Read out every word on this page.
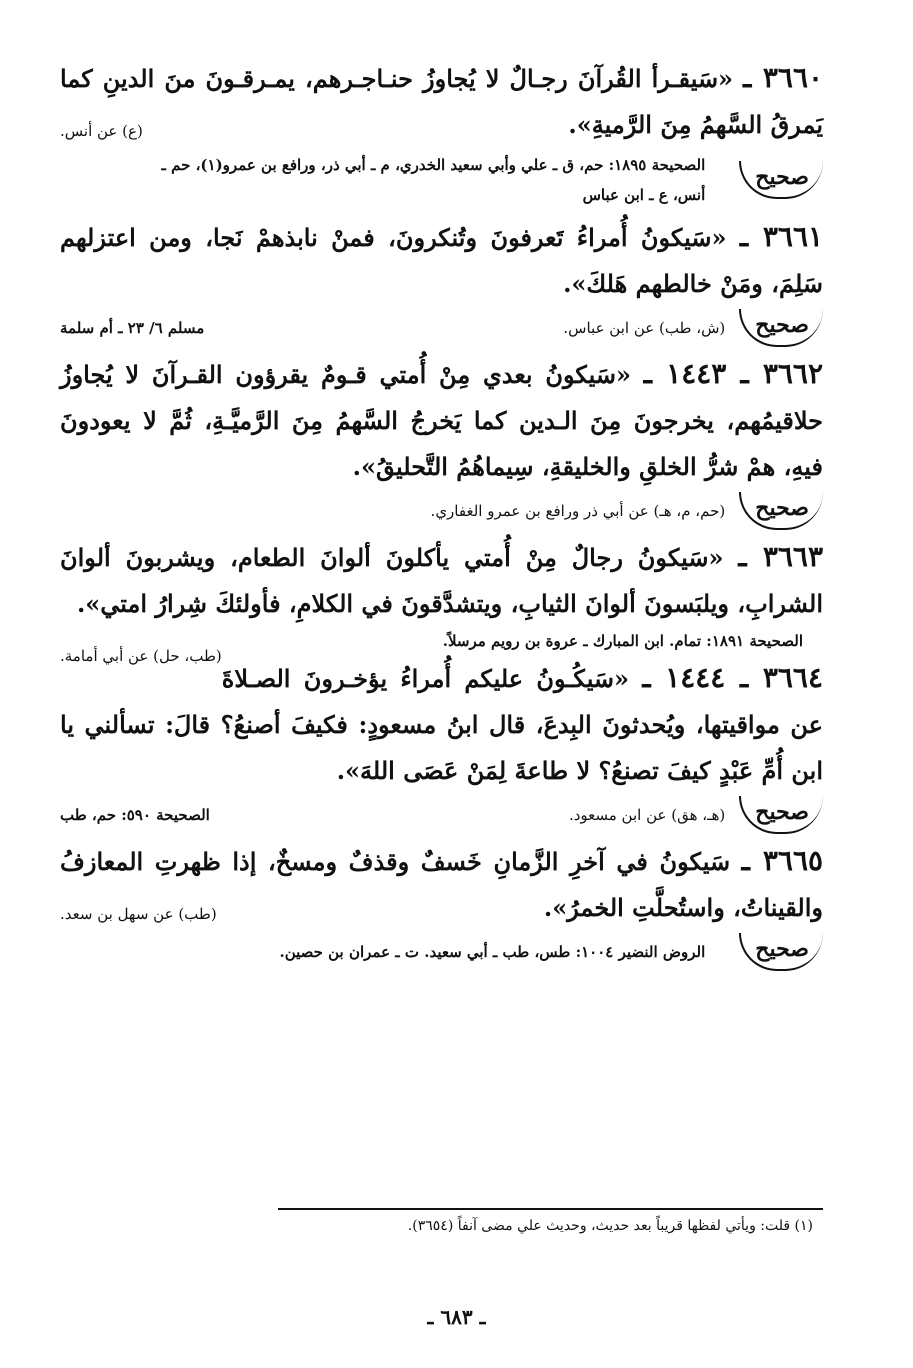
٣٦٦٠ ـ «سَيقـرأ القُرآنَ رجـالٌ لا يُجاوزُ حنـاجـرهم، يمـرقـونَ منَ الدينِ كما يَمرقُ السَّهمُ مِنَ الرَّميةِ».
(ع) عن أنس.

صحيح
الصحيحة ١٨٩٥: حم، ق ـ علي وأبي سعيد الخدري، م ـ أبي ذر، ورافع بن عمرو(١)، حم ـ أنس، ع ـ ابن عباس

٣٦٦١ ـ «سَيكونُ أُمراءُ تَعرفونَ وتُنكرونَ، فمنْ نابذهمْ نَجا، ومن اعتزلهم سَلِمَ، ومَنْ خالطهم هَلكَ».

صحيح
(ش، طب) عن ابن عباس.
مسلم ٦/ ٢٣ ـ أم سلمة

٣٦٦٢ ـ ١٤٤٣ ـ «سَيكونُ بعدي مِنْ أُمتي قـومٌ يقرؤون القـرآنَ لا يُجاوزُ حلاقيمُهم، يخرجونَ مِنَ الـدين كما يَخرجُ السَّهمُ مِنَ الرَّميَّـةِ، ثُمَّ لا يعودونَ فيهِ، همْ شرُّ الخلقِ والخليقةِ، سِيماهُمُ التَّحليقُ».

صحيح
(حم، م، هـ) عن أبي ذر ورافع بن عمرو الغفاري.

٣٦٦٣ ـ «سَيكونُ رجالٌ مِنْ أُمتي يأكلونَ ألوانَ الطعام، ويشربونَ ألوانَ الشرابِ، ويلبَسونَ ألوانَ الثيابِ، ويتشدَّقونَ في الكلامِ، فأولئكَ شِرارُ امتي».
(طب، حل) عن أبي أمامة.

الصحيحة ١٨٩١: تمام. ابن المبارك ـ عروة بن رويم مرسلاً.

٣٦٦٤ ـ ١٤٤٤ ـ «سَيكُـونُ عليكم أُمراءُ يؤخـرونَ الصـلاةَ عن مواقيتها، ويُحدثونَ البِدعَ، قال ابنُ مسعودٍ: فكيفَ أصنعُ؟ قالَ: تسألني يا ابن أُمِّ عَبْدٍ كيفَ تصنعُ؟ لا طاعةَ لِمَنْ عَصَى اللهَ».

صحيح
(هـ، هق) عن ابن مسعود.
الصحيحة ٥٩٠: حم، طب

٣٦٦٥ ـ سَيكونُ في آخرِ الزَّمانِ خَسفٌ وقذفٌ ومسخٌ، إذا ظهرتِ المعازفُ والقيناتُ، واستُحلَّتِ الخمرُ».
(طب) عن سهل بن سعد.

صحيح
الروض النضير ١٠٠٤: طس، طب ـ أبي سعيد. ت ـ عمران بن حصين.
(١) قلت: ويأتي لفظها قريباً بعد حديث، وحديث علي مضى آنفاً (٣٦٥٤).
ـ ٦٨٣ ـ
